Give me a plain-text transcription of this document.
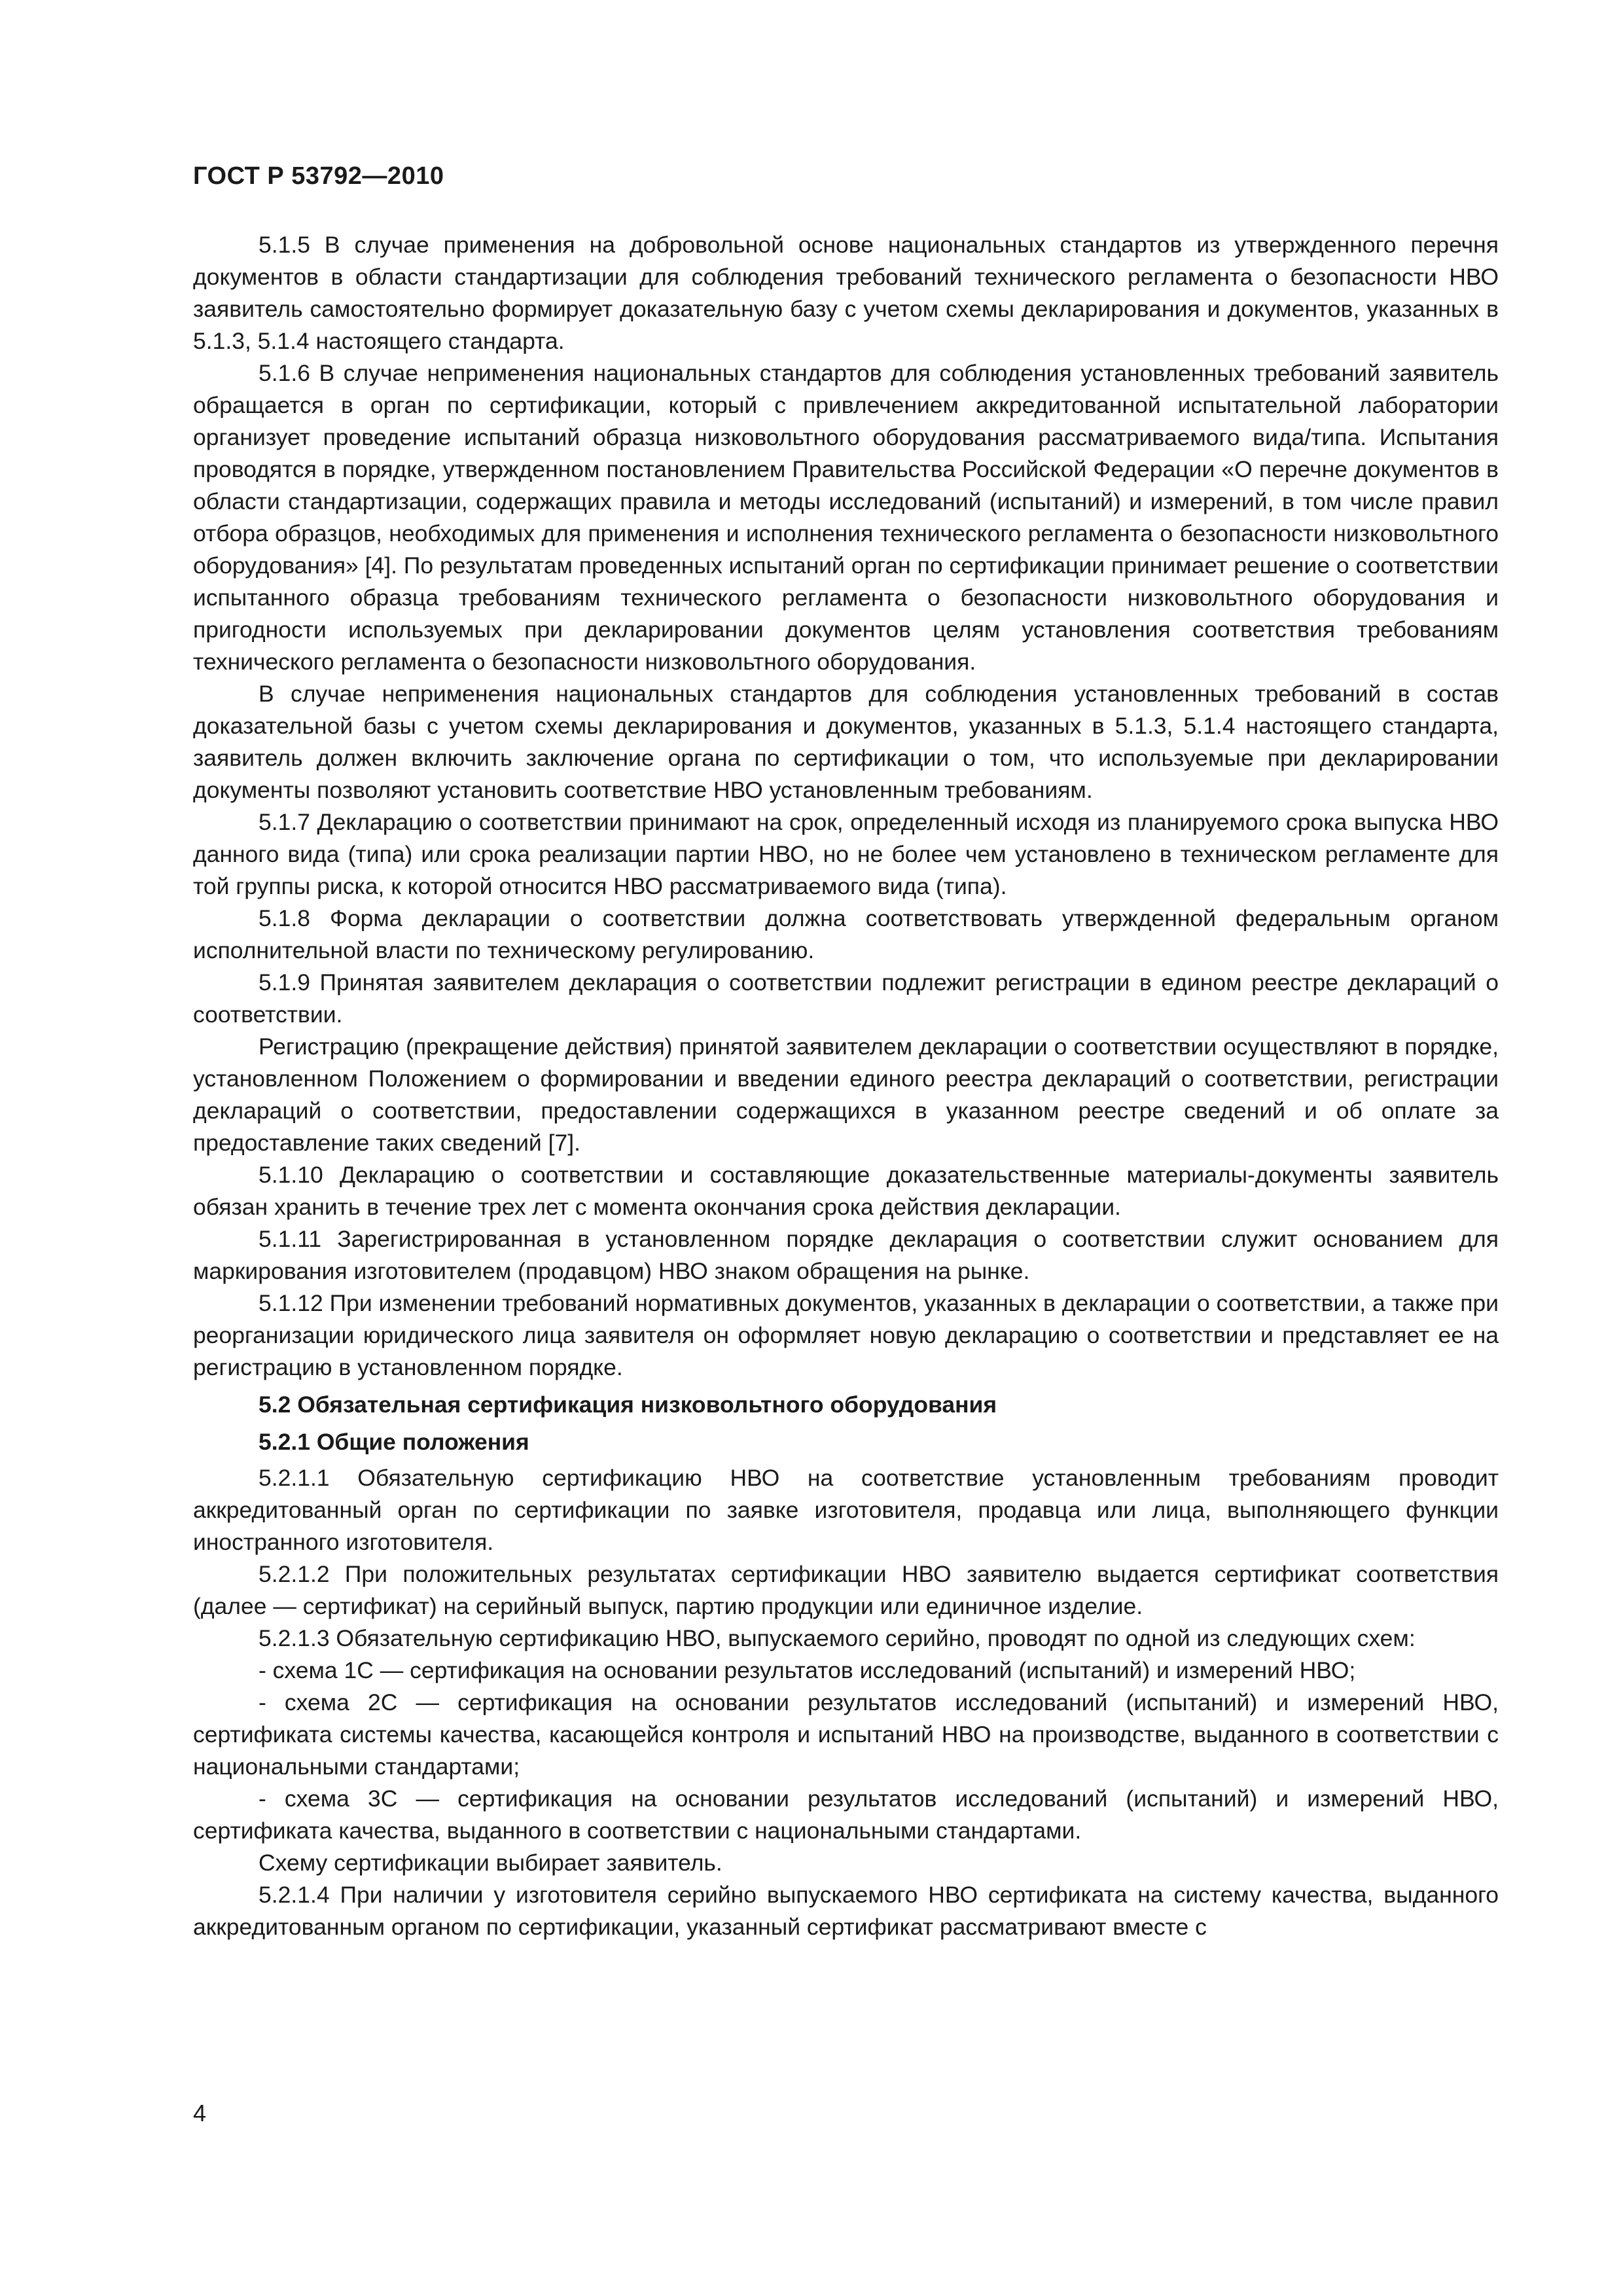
ГОСТ Р 53792—2010

5.1.5 В случае применения на добровольной основе национальных стандартов из утвержденного перечня документов в области стандартизации для соблюдения требований технического регламента о безопасности НВО заявитель самостоятельно формирует доказательную базу с учетом схемы декларирования и документов, указанных в 5.1.3, 5.1.4 настоящего стандарта.

5.1.6 В случае неприменения национальных стандартов для соблюдения установленных требований заявитель обращается в орган по сертификации, который с привлечением аккредитованной испытательной лаборатории организует проведение испытаний образца низковольтного оборудования рассматриваемого вида/типа. Испытания проводятся в порядке, утвержденном постановлением Правительства Российской Федерации «О перечне документов в области стандартизации, содержащих правила и методы исследований (испытаний) и измерений, в том числе правил отбора образцов, необходимых для применения и исполнения технического регламента о безопасности низковольтного оборудования» [4]. По результатам проведенных испытаний орган по сертификации принимает решение о соответствии испытанного образца требованиям технического регламента о безопасности низковольтного оборудования и пригодности используемых при декларировании документов целям установления соответствия требованиям технического регламента о безопасности низковольтного оборудования.

В случае неприменения национальных стандартов для соблюдения установленных требований в состав доказательной базы с учетом схемы декларирования и документов, указанных в 5.1.3, 5.1.4 настоящего стандарта, заявитель должен включить заключение органа по сертификации о том, что используемые при декларировании документы позволяют установить соответствие НВО установленным требованиям.

5.1.7 Декларацию о соответствии принимают на срок, определенный исходя из планируемого срока выпуска НВО данного вида (типа) или срока реализации партии НВО, но не более чем установлено в техническом регламенте для той группы риска, к которой относится НВО рассматриваемого вида (типа).

5.1.8 Форма декларации о соответствии должна соответствовать утвержденной федеральным органом исполнительной власти по техническому регулированию.

5.1.9 Принятая заявителем декларация о соответствии подлежит регистрации в едином реестре деклараций о соответствии.

Регистрацию (прекращение действия) принятой заявителем декларации о соответствии осуществляют в порядке, установленном Положением о формировании и введении единого реестра деклараций о соответствии, регистрации деклараций о соответствии, предоставлении содержащихся в указанном реестре сведений и об оплате за предоставление таких сведений [7].

5.1.10 Декларацию о соответствии и составляющие доказательственные материалы-документы заявитель обязан хранить в течение трех лет с момента окончания срока действия декларации.

5.1.11 Зарегистрированная в установленном порядке декларация о соответствии служит основанием для маркирования изготовителем (продавцом) НВО знаком обращения на рынке.

5.1.12 При изменении требований нормативных документов, указанных в декларации о соответствии, а также при реорганизации юридического лица заявителя он оформляет новую декларацию о соответствии и представляет ее на регистрацию в установленном порядке.

5.2 Обязательная сертификация низковольтного оборудования

5.2.1 Общие положения

5.2.1.1 Обязательную сертификацию НВО на соответствие установленным требованиям проводит аккредитованный орган по сертификации по заявке изготовителя, продавца или лица, выполняющего функции иностранного изготовителя.

5.2.1.2 При положительных результатах сертификации НВО заявителю выдается сертификат соответствия (далее — сертификат) на серийный выпуск, партию продукции или единичное изделие.

5.2.1.3 Обязательную сертификацию НВО, выпускаемого серийно, проводят по одной из следующих схем:

- схема 1С — сертификация на основании результатов исследований (испытаний) и измерений НВО;

- схема 2С — сертификация на основании результатов исследований (испытаний) и измерений НВО, сертификата системы качества, касающейся контроля и испытаний НВО на производстве, выданного в соответствии с национальными стандартами;

- схема 3С — сертификация на основании результатов исследований (испытаний) и измерений НВО, сертификата качества, выданного в соответствии с национальными стандартами.

Схему сертификации выбирает заявитель.

5.2.1.4 При наличии у изготовителя серийно выпускаемого НВО сертификата на систему качества, выданного аккредитованным органом по сертификации, указанный сертификат рассматривают вместе с

4
